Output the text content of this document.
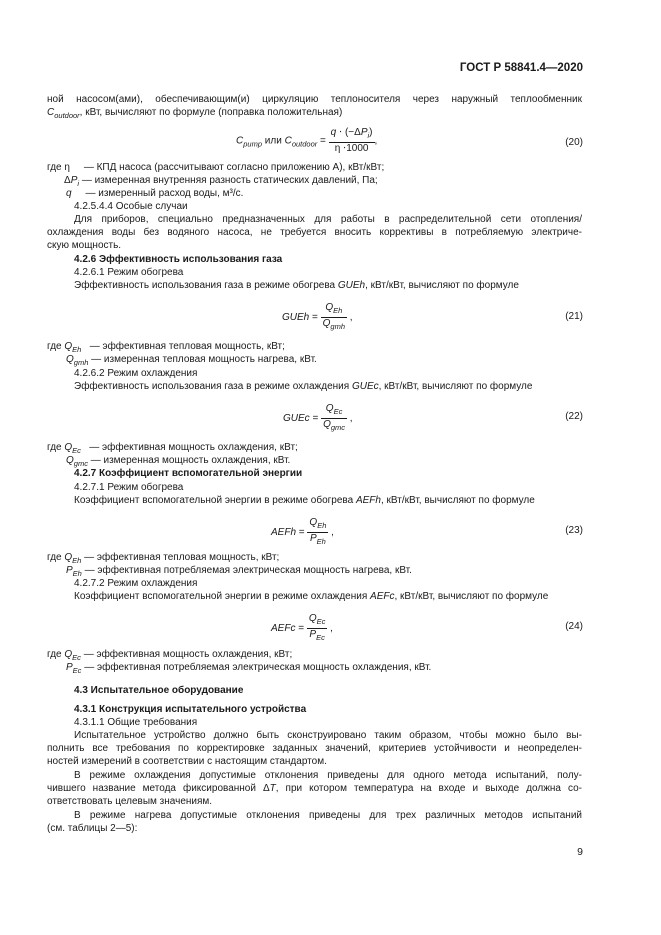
ГОСТ Р 58841.4—2020
ной насосом(ами), обеспечивающим(и) циркуляцию теплоносителя через наружный теплообменник
$C_{outdoor}$, кВт, вычисляют по формуле (поправка положительная)
$C_{pump}$ или $C_{outdoor} = \frac{q \cdot (-\Delta P_i)}{\eta \cdot 1000}$ ,	(20)
где η     — КПД насоса (рассчитывают согласно приложению А), кВт/кВт;
$\Delta P_i$ — измеренная внутренняя разность статических давлений, Па;
q — измеренный расход воды, м³/с.
4.2.5.4.4 Особые случаи
Для приборов, специально предназначенных для работы в распределительной сети отопления/
охлаждения воды без водяного насоса, не требуется вносить коррективы в потребляемую электриче-
скую мощность.
4.2.6 Эффективность использования газа
4.2.6.1 Режим обогрева
Эффективность использования газа в режиме обогрева GUEh, кВт/кВт, вычисляют по формуле
GUEh = $\frac{Q_{Eh}}{Q_{gmh}}$ ,	(21)
где $Q_{Eh}$ — эффективная тепловая мощность, кВт;
$Q_{gmh}$ — измеренная тепловая мощность нагрева, кВт.
4.2.6.2 Режим охлаждения
Эффективность использования газа в режиме охлаждения GUEc, кВт/кВт, вычисляют по формуле
GUEc = $\frac{Q_{Ec}}{Q_{gmc}}$ ,	(22)
где $Q_{Ec}$ — эффективная мощность охлаждения, кВт;
$Q_{gmc}$ — измеренная мощность охлаждения, кВт.
4.2.7 Коэффициент вспомогательной энергии
4.2.7.1 Режим обогрева
Коэффициент вспомогательной энергии в режиме обогрева AEFh, кВт/кВт, вычисляют по формуле
AEFh = $\frac{Q_{Eh}}{P_{Eh}}$ ,	(23)
где $Q_{Eh}$ — эффективная тепловая мощность, кВт;
$P_{Eh}$ — эффективная потребляемая электрическая мощность нагрева, кВт.
4.2.7.2 Режим охлаждения
Коэффициент вспомогательной энергии в режиме охлаждения AEFc, кВт/кВт, вычисляют по формуле
AEFc = $\frac{Q_{Ec}}{P_{Ec}}$ ,	(24)
где $Q_{Ec}$ — эффективная мощность охлаждения, кВт;
$P_{Ec}$ — эффективная потребляемая электрическая мощность охлаждения, кВт.
4.3 Испытательное оборудование
4.3.1 Конструкция испытательного устройства
4.3.1.1 Общие требования
Испытательное устройство должно быть сконструировано таким образом, чтобы можно было вы-
полнить все требования по корректировке заданных значений, критериев устойчивости и неопределен-
ностей измерений в соответствии с настоящим стандартом.
В режиме охлаждения допустимые отклонения приведены для одного метода испытаний, полу-
чившего название метода фиксированной ΔT, при котором температура на входе и выходе должна со-
ответствовать целевым значениям.
В режиме нагрева допустимые отклонения приведены для трех различных методов испытаний
(см. таблицы 2—5):
9
